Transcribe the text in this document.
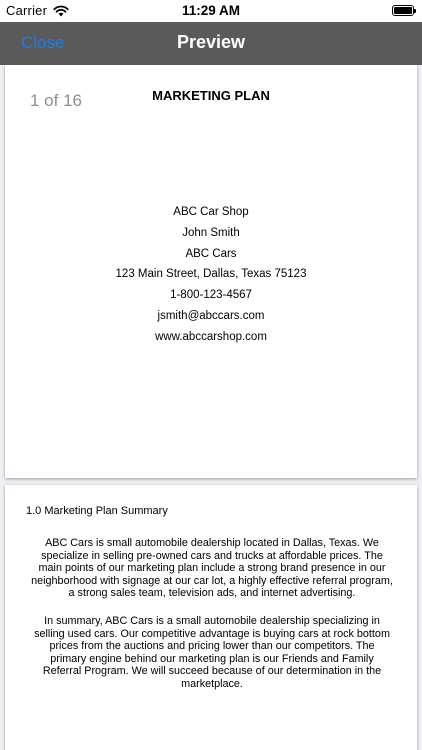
Carrier	11:29 AM
Close	Preview
1 of 16	MARKETING PLAN
ABC Car Shop
John Smith
ABC Cars
123 Main Street, Dallas, Texas 75123
1-800-123-4567
jsmith@abccars.com
www.abccarshop.com
1.0 Marketing Plan Summary
ABC Cars is small automobile dealership located in Dallas, Texas. We specialize in selling pre-owned cars and trucks at affordable prices. The main points of our marketing plan include a strong brand presence in our neighborhood with signage at our car lot, a highly effective referral program, a strong sales team, television ads, and internet advertising.
In summary, ABC Cars is a small automobile dealership specializing in selling used cars. Our competitive advantage is buying cars at rock bottom prices from the auctions and pricing lower than our competitors. The primary engine behind our marketing plan is our Friends and Family Referral Program. We will succeed because of our determination in the marketplace.
